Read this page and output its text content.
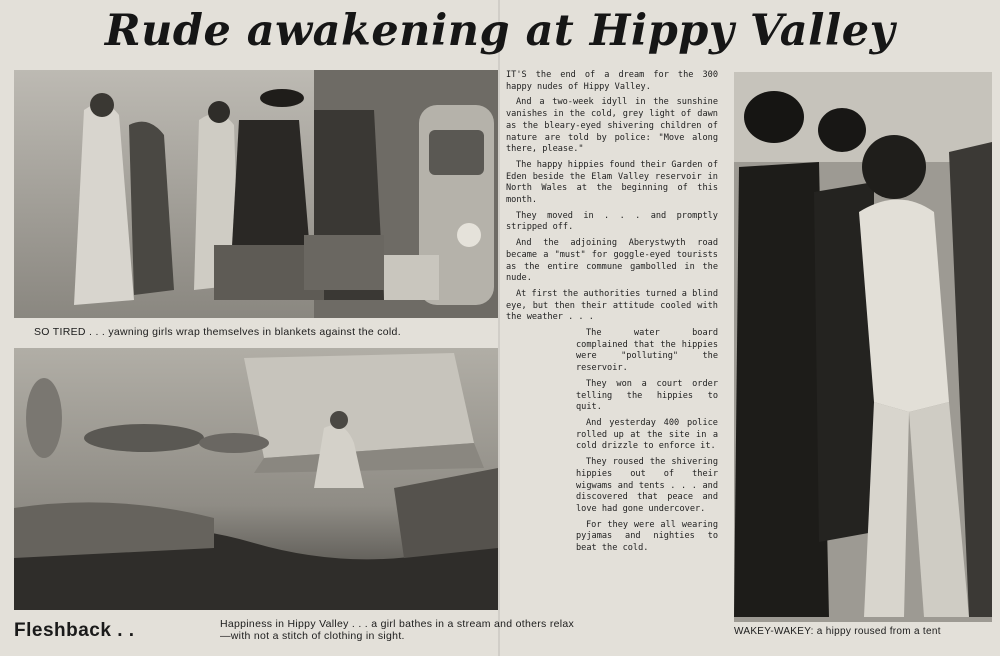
Rude awakening at Hippy Valley
SO TIRED . . . yawning girls wrap themselves in blankets against the cold.
Happiness in Hippy Valley . . . a girl bathes in a stream and others relax—with not a stitch of clothing in sight.
Fleshback . .

IT'S the end of a dream for the 300 happy nudes of Hippy Valley.

And a two-week idyll in the sunshine vanishes in the cold, grey light of dawn as the bleary-eyed shivering children of nature are told by police: "Move along there, please."

The happy hippies found their Garden of Eden beside the Elam Valley reservoir in North Wales at the beginning of this month.

They moved in . . . and promptly stripped off.

And the adjoining Aberystwyth road became a "must" for goggle-eyed tourists as the entire commune gambolled in the nude.

At first the authorities turned a blind eye, but then their attitude cooled with the weather . . .

The water board complained that the hippies were "polluting" the reservoir.

They won a court order telling the hippies to quit.

And yesterday 400 police rolled up at the site in a cold drizzle to enforce it.

They roused the shivering hippies out of their wigwams and tents . . . and discovered that peace and love had gone undercover.

For they were all wearing pyjamas and nighties to beat the cold.

WAKEY-WAKEY: a hippy roused from a tent
